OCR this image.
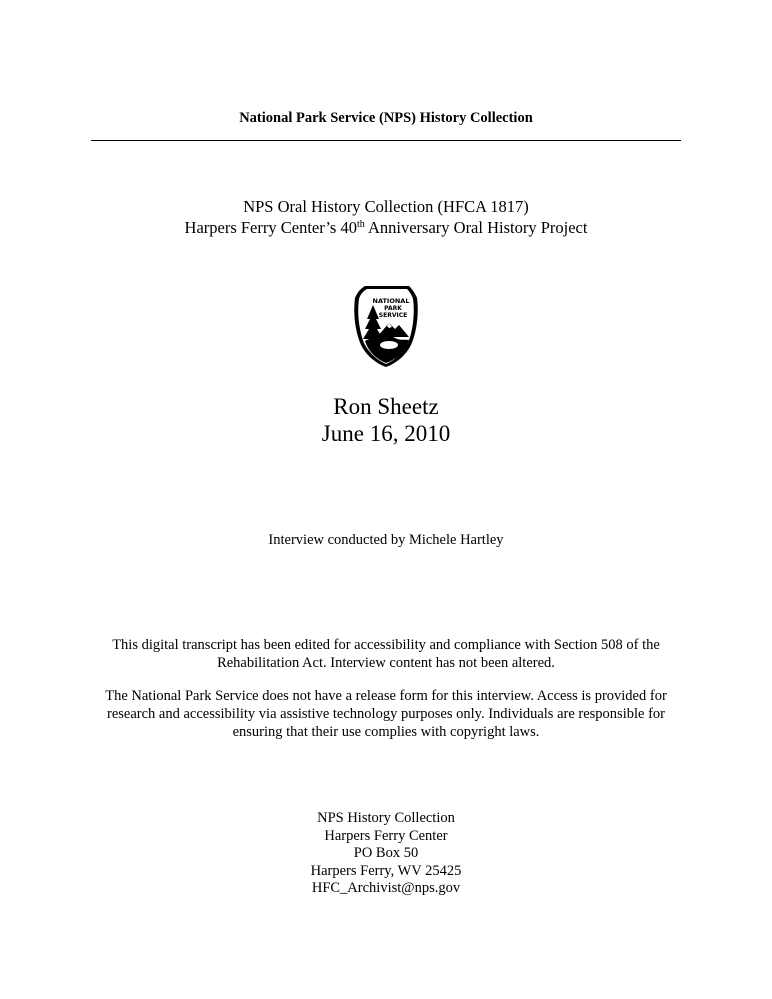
National Park Service (NPS) History Collection
NPS Oral History Collection (HFCA 1817)
Harpers Ferry Center’s 40th Anniversary Oral History Project
NATIONAL
PARK
SERVICE
Ron Sheetz
June 16, 2010
Interview conducted by Michele Hartley
This digital transcript has been edited for accessibility and compliance with Section 508 of the
Rehabilitation Act. Interview content has not been altered.
The National Park Service does not have a release form for this interview. Access is provided for
research and accessibility via assistive technology purposes only. Individuals are responsible for
ensuring that their use complies with copyright laws.
NPS History Collection
Harpers Ferry Center
PO Box 50
Harpers Ferry, WV 25425
HFC_Archivist@nps.gov
